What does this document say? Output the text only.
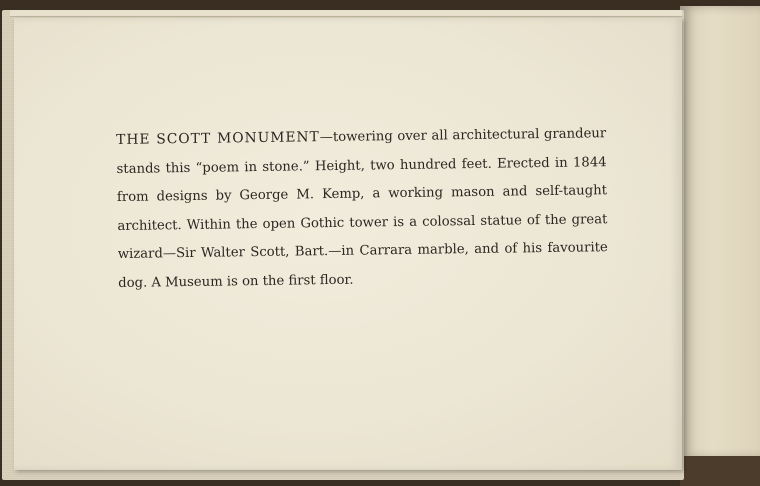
THE SCOTT MONUMENT—towering over all architectural grandeur stands this “poem in stone.” Height, two hundred feet. Erected in 1844 from designs by George M. Kemp, a working mason and self-taught architect. Within the open Gothic tower is a colossal statue of the great wizard—Sir Walter Scott, Bart.—in Carrara marble, and of his favourite dog. A Museum is on the first floor.
